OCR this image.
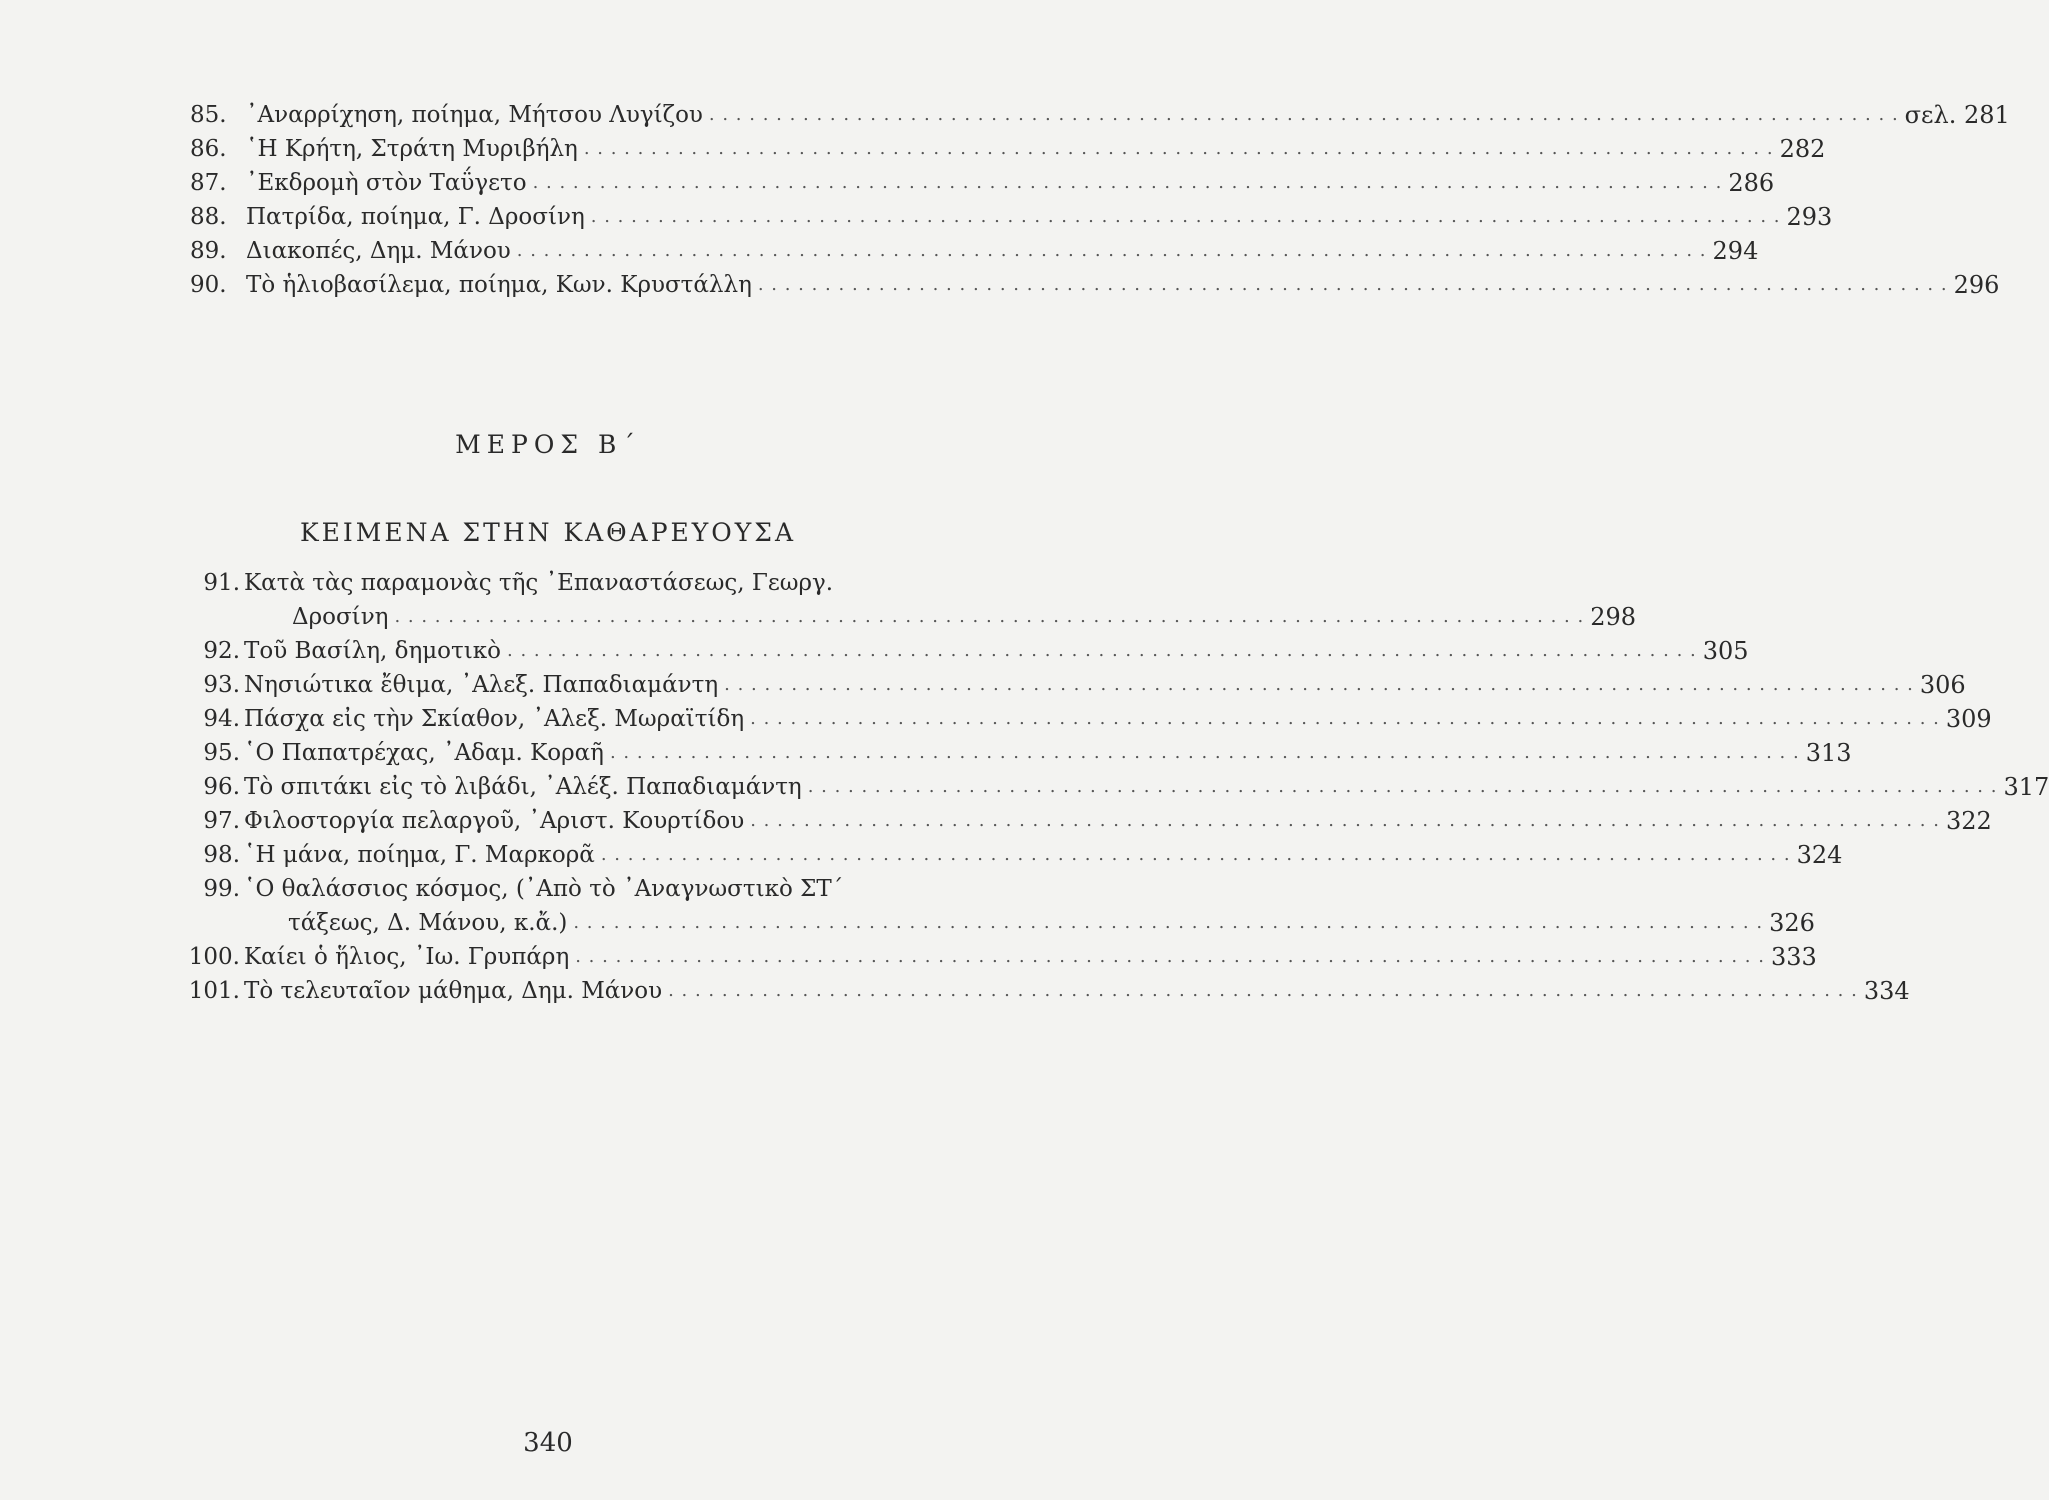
85. ᾿Αναρρίχηση, ποίημα, Μήτσου Λυγίζου . . .	σελ. 281
86. ῾Η Κρήτη, Στράτη Μυριβήλη . . .	282
87. ᾿Εκδρομὴ στὸν Ταΰγετο . . .	286
88. Πατρίδα, ποίημα, Γ. Δροσίνη . . .	293
89. Διακοπές, Δημ. Μάνου . . .	294
90. Τὸ ἡλιοβασίλεμα, ποίημα, Κων. Κρυστάλλη . . .	296
ΜΕΡΟΣ Β΄
ΚΕΙΜΕΝΑ ΣΤΗΝ ΚΑΘΑΡΕΥΟΥΣΑ
91. Κατὰ τὰς παραμονὰς τῆς ᾿Επαναστάσεως, Γεωργ.
Δροσίνη . . .	298
92. Τοῦ Βασίλη, δημοτικὸ . . .	305
93. Νησιώτικα ἔθιμα, ᾿Αλεξ. Παπαδιαμάντη . . .	306
94. Πάσχα εἰς τὴν Σκίαθον, ᾿Αλεξ. Μωραϊτίδη . . .	309
95. ῾Ο Παπατρέχας, ᾿Αδαμ. Κοραῆ . . .	313
96. Τὸ σπιτάκι εἰς τὸ λιβάδι, ᾿Αλέξ. Παπαδιαμάντη . . .	317
97. Φιλοστοργία πελαργοῦ, ᾿Αριστ. Κουρτίδου . . .	322
98. ῾Η μάνα, ποίημα, Γ. Μαρκορᾶ . . .	324
99. ῾Ο θαλάσσιος κόσμος, (᾿Απὸ τὸ ᾿Αναγνωστικὸ ΣΤ΄
τάξεως, Δ. Μάνου, κ.ἄ.) . . .	326
100. Καίει ὁ ἥλιος, ᾿Ιω. Γρυπάρη . . .	333
101. Τὸ τελευταῖον μάθημα, Δημ. Μάνου . . .	334
340
